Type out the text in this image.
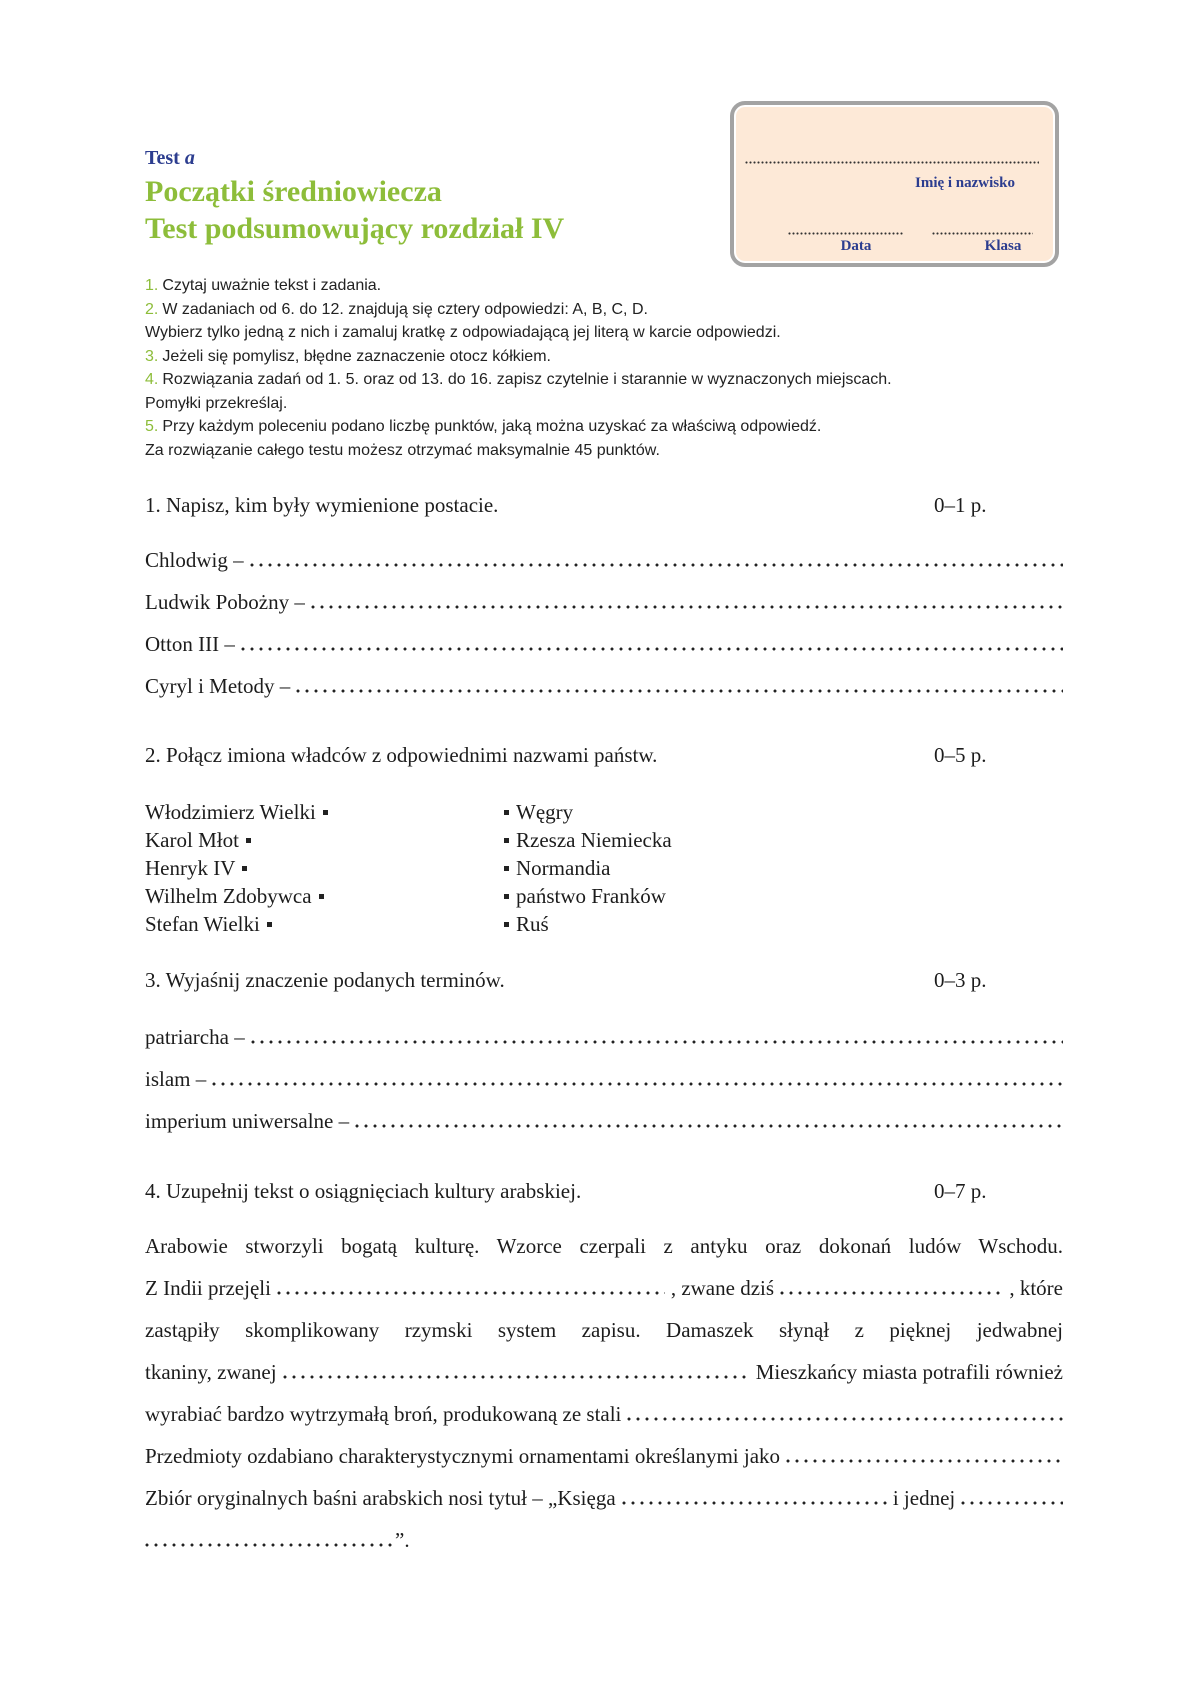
Test a
Początki średniowiecza
Test podsumowujący rozdział IV
Imię i nazwisko
Data	Klasa
1. Czytaj uważnie tekst i zadania.
2. W zadaniach od 6. do 12. znajdują się cztery odpowiedzi: A, B, C, D.
Wybierz tylko jedną z nich i zamaluj kratkę z odpowiadającą jej literą w karcie odpowiedzi.
3. Jeżeli się pomylisz, błędne zaznaczenie otocz kółkiem.
4. Rozwiązania zadań od 1. 5. oraz od 13. do 16. zapisz czytelnie i starannie w wyznaczonych miejscach.
Pomyłki przekreślaj.
5. Przy każdym poleceniu podano liczbę punktów, jaką można uzyskać za właściwą odpowiedź.
Za rozwiązanie całego testu możesz otrzymać maksymalnie 45 punktów.
1. Napisz, kim były wymienione postacie.	0–1 p.
Chlodwig –
Ludwik Pobożny –
Otton III –
Cyryl i Metody –
2. Połącz imiona władców z odpowiednimi nazwami państw.	0–5 p.
Włodzimierz Wielki
Karol Młot
Henryk IV
Wilhelm Zdobywca
Stefan Wielki
Węgry
Rzesza Niemiecka
Normandia
państwo Franków
Ruś
3. Wyjaśnij znaczenie podanych terminów.	0–3 p.
patriarcha –
islam –
imperium uniwersalne –
4. Uzupełnij tekst o osiągnięciach kultury arabskiej.	0–7 p.
Arabowie stworzyli bogatą kulturę. Wzorce czerpali z antyku oraz dokonań ludów Wschodu.
Z Indii przejęli	, zwane dziś	, które
zastąpiły skomplikowany rzymski system zapisu. Damaszek słynął z pięknej jedwabnej
tkaniny, zwanej	Mieszkańcy miasta potrafili również
wyrabiać bardzo wytrzymałą broń, produkowaną ze stali
Przedmioty ozdabiano charakterystycznymi ornamentami określanymi jako
Zbiór oryginalnych baśni arabskich nosi tytuł – „Księga	i jednej
”.
